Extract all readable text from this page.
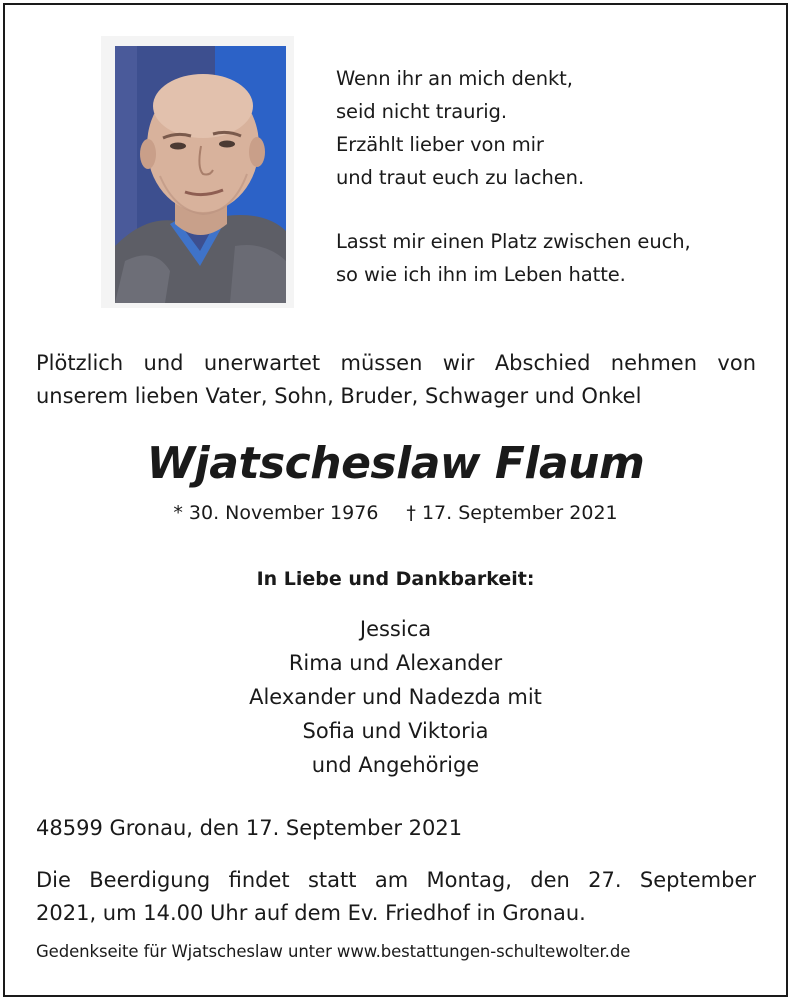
Wenn ihr an mich denkt,
seid nicht traurig.
Erzählt lieber von mir
und traut euch zu lachen.
Lasst mir einen Platz zwischen euch,
so wie ich ihn im Leben hatte.
Plötzlich und unerwartet müssen wir Abschied nehmen von
unserem lieben Vater, Sohn, Bruder, Schwager und Onkel
Wjatscheslaw Flaum
* 30. November 1976 † 17. September 2021
In Liebe und Dankbarkeit:
Jessica
Rima und Alexander
Alexander und Nadezda mit
Sofia und Viktoria
und Angehörige
48599 Gronau, den 17. September 2021
Die Beerdigung findet statt am Montag, den 27. September
2021, um 14.00 Uhr auf dem Ev. Friedhof in Gronau.
Gedenkseite für Wjatscheslaw unter www.bestattungen-schultewolter.de
